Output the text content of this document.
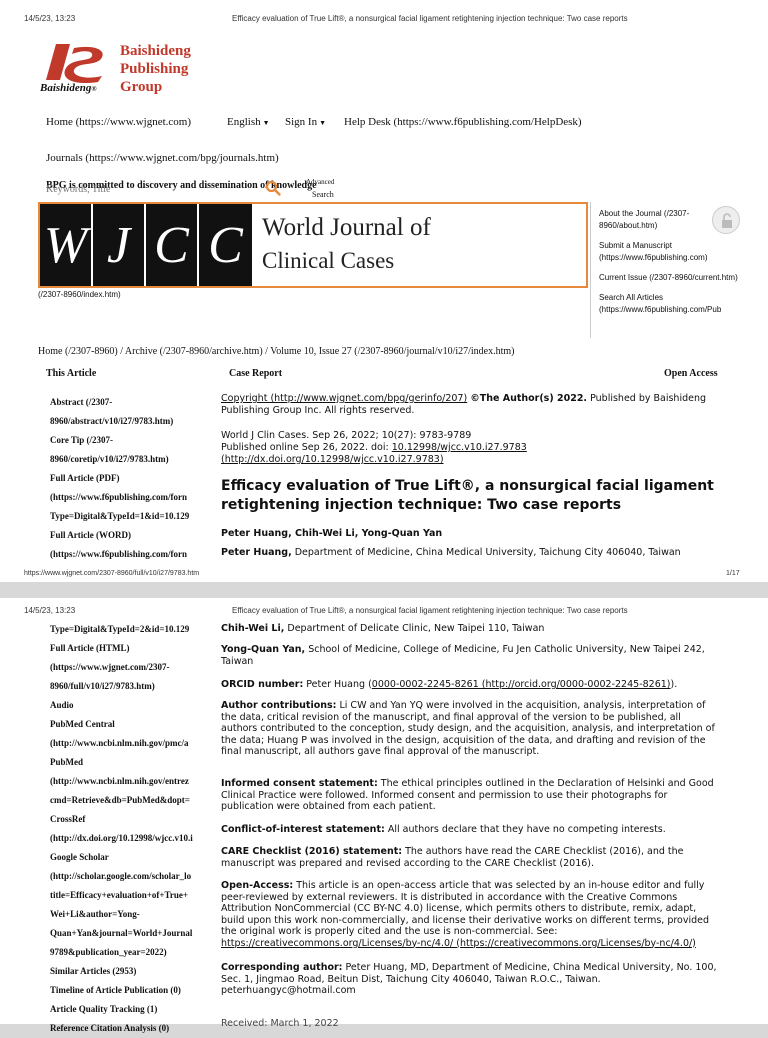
14/5/23, 13:23	Efficacy evaluation of True Lift®, a nonsurgical facial ligament retightening injection technique: Two case reports
Baishideng
Publishing
Group
Baishideng®
Home (https://www.wjgnet.com)	English ▼ Sign In ▼ Help Desk (https://www.f6publishing.com/HelpDesk)
Journals (https://www.wjgnet.com/bpg/journals.htm)
BPG is committed to discovery and dissemination of knowledge
Keywords, Title
Advanced
Search
W J C C World Journal of
Clinical Cases
(/2307-8960/index.htm)
About the Journal (/2307-8960/about.htm)
Submit a Manuscript (https://www.f6publishing.com)
Current Issue (/2307-8960/current.htm)
Search All Articles (https://www.f6publishing.com/Pub
Home (/2307-8960) / Archive (/2307-8960/archive.htm) / Volume 10, Issue 27 (/2307-8960/journal/v10/i27/index.htm)
This Article	Case Report	Open Access
Abstract (/2307-
8960/abstract/v10/i27/9783.htm)
Core Tip (/2307-
8960/coretip/v10/i27/9783.htm)
Full Article (PDF)
(https://www.f6publishing.com/forn
Type=Digital&TypeId=1&id=10.129
Full Article (WORD)
(https://www.f6publishing.com/forn
Copyright (http://www.wjgnet.com/bpg/gerinfo/207) ©The Author(s) 2022. Published by Baishideng
Publishing Group Inc. All rights reserved.
World J Clin Cases. Sep 26, 2022; 10(27): 9783-9789
Published online Sep 26, 2022. doi: 10.12998/wjcc.v10.i27.9783
(http://dx.doi.org/10.12998/wjcc.v10.i27.9783)
Efficacy evaluation of True Lift®, a nonsurgical facial ligament
retightening injection technique: Two case reports
Peter Huang, Chih-Wei Li, Yong-Quan Yan
Peter Huang, Department of Medicine, China Medical University, Taichung City 406040, Taiwan
https://www.wjgnet.com/2307-8960/full/v10/i27/9783.htm	1/17
14/5/23, 13:23	Efficacy evaluation of True Lift®, a nonsurgical facial ligament retightening injection technique: Two case reports
Type=Digital&TypeId=2&id=10.129
Full Article (HTML)
(https://www.wjgnet.com/2307-
8960/full/v10/i27/9783.htm)
Audio
PubMed Central
(http://www.ncbi.nlm.nih.gov/pmc/a
PubMed
(http://www.ncbi.nlm.nih.gov/entrez
cmd=Retrieve&db=PubMed&dopt=
CrossRef
(http://dx.doi.org/10.12998/wjcc.v10.i
Google Scholar
(http://scholar.google.com/scholar_lo
title=Efficacy+evaluation+of+True+
Wei+Li&author=Yong-
Quan+Yan&journal=World+Journal
9789&publication_year=2022)
Similar Articles (2953)
Timeline of Article Publication (0)
Article Quality Tracking (1)
Reference Citation Analysis (0)
Chih-Wei Li, Department of Delicate Clinic, New Taipei 110, Taiwan
Yong-Quan Yan, School of Medicine, College of Medicine, Fu Jen Catholic University, New Taipei 242,
Taiwan
ORCID number: Peter Huang (0000-0002-2245-8261 (http://orcid.org/0000-0002-2245-8261)).
Author contributions: Li CW and Yan YQ were involved in the acquisition, analysis, interpretation of
the data, critical revision of the manuscript, and final approval of the version to be published, all
authors contributed to the conception, study design, and the acquisition, analysis, and interpretation of
the data; Huang P was involved in the design, acquisition of the data, and drafting and revision of the
final manuscript, all authors gave final approval of the manuscript.
Informed consent statement: The ethical principles outlined in the Declaration of Helsinki and Good
Clinical Practice were followed. Informed consent and permission to use their photographs for
publication were obtained from each patient.
Conflict-of-interest statement: All authors declare that they have no competing interests.
CARE Checklist (2016) statement: The authors have read the CARE Checklist (2016), and the
manuscript was prepared and revised according to the CARE Checklist (2016).
Open-Access: This article is an open-access article that was selected by an in-house editor and fully
peer-reviewed by external reviewers. It is distributed in accordance with the Creative Commons
Attribution NonCommercial (CC BY-NC 4.0) license, which permits others to distribute, remix, adapt,
build upon this work non-commercially, and license their derivative works on different terms, provided
the original work is properly cited and the use is non-commercial. See:
https://creativecommons.org/Licenses/by-nc/4.0/ (https://creativecommons.org/Licenses/by-nc/4.0/)
Corresponding author: Peter Huang, MD, Department of Medicine, China Medical University, No. 100,
Sec. 1, Jingmao Road, Beitun Dist, Taichung City 406040, Taiwan R.O.C., Taiwan.
peterhuangyc@hotmail.com
Received: March 1, 2022
